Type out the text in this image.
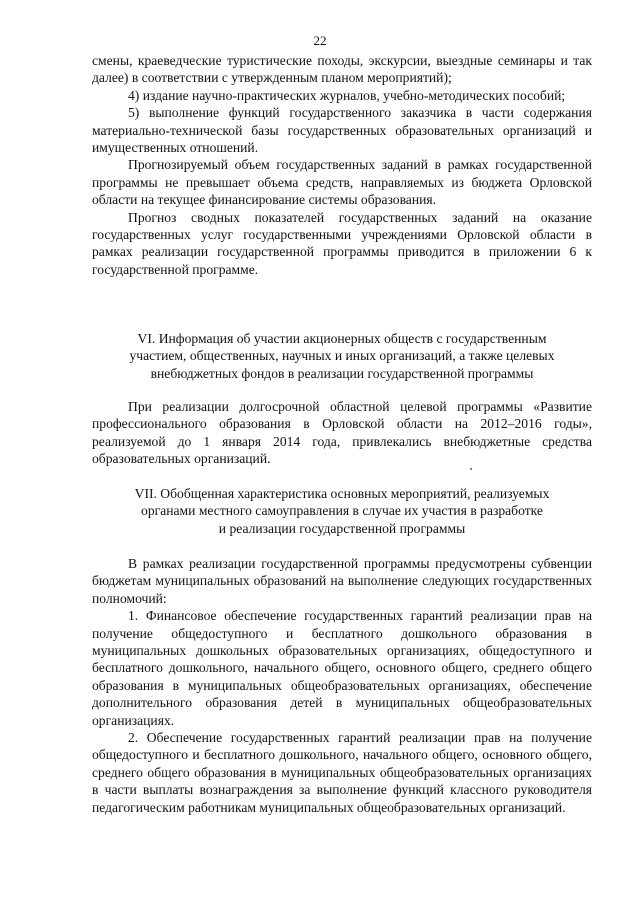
22

смены, краеведческие туристические походы, экскурсии, выездные семинары и так далее) в соответствии с утвержденным планом мероприятий);

4) издание научно-практических журналов, учебно-методических пособий;

5) выполнение функций государственного заказчика в части содержания материально-технической базы государственных образовательных организаций и имущественных отношений.

Прогнозируемый объем государственных заданий в рамках государственной программы не превышает объема средств, направляемых из бюджета Орловской области на текущее финансирование системы образования.

Прогноз сводных показателей государственных заданий на оказание государственных услуг государственными учреждениями Орловской области в рамках реализации государственной программы приводится в приложении 6 к государственной программе.

VI. Информация об участии акционерных обществ с государственным
участием, общественных, научных и иных организаций, а также целевых
внебюджетных фондов в реализации государственной программы

При реализации долгосрочной областной целевой программы «Развитие профессионального образования в Орловской области на 2012–2016 годы», реализуемой до 1 января 2014 года, привлекались внебюджетные средства образовательных организаций.

VII. Обобщенная характеристика основных мероприятий, реализуемых
органами местного самоуправления в случае их участия в разработке
и реализации государственной программы

В рамках реализации государственной программы предусмотрены субвенции бюджетам муниципальных образований на выполнение следующих государственных полномочий:

1. Финансовое обеспечение государственных гарантий реализации прав на получение общедоступного и бесплатного дошкольного образования в муниципальных дошкольных образовательных организациях, общедоступного и бесплатного дошкольного, начального общего, основного общего, среднего общего образования в муниципальных общеобразовательных организациях, обеспечение дополнительного образования детей в муниципальных общеобразовательных организациях.

2. Обеспечение государственных гарантий реализации прав на получение общедоступного и бесплатного дошкольного, начального общего, основного общего, среднего общего образования в муниципальных общеобразовательных организациях в части выплаты вознаграждения за выполнение функций классного руководителя педагогическим работникам муниципальных общеобразовательных организаций.
